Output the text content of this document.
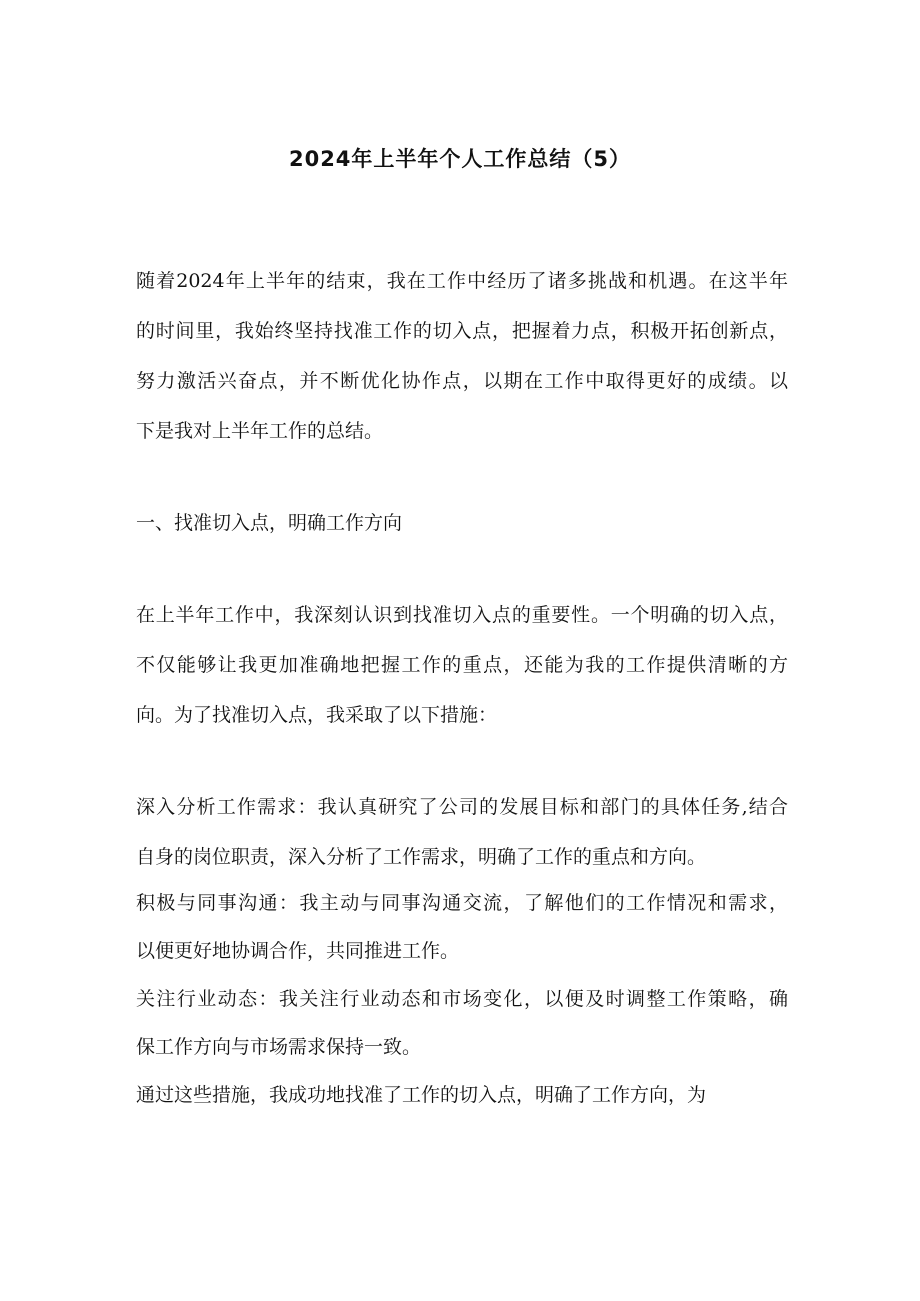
2024年上半年个人工作总结（5）

随着2024年上半年的结束，我在工作中经历了诸多挑战和机遇。在这半年

的时间里，我始终坚持找准工作的切入点，把握着力点，积极开拓创新点，

努力激活兴奋点，并不断优化协作点，以期在工作中取得更好的成绩。以

下是我对上半年工作的总结。

一、找准切入点，明确工作方向

在上半年工作中，我深刻认识到找准切入点的重要性。一个明确的切入点，

不仅能够让我更加准确地把握工作的重点，还能为我的工作提供清晰的方

向。为了找准切入点，我采取了以下措施：

深入分析工作需求：我认真研究了公司的发展目标和部门的具体任务,结合

自身的岗位职责，深入分析了工作需求，明确了工作的重点和方向。

积极与同事沟通：我主动与同事沟通交流，了解他们的工作情况和需求，

以便更好地协调合作，共同推进工作。

关注行业动态：我关注行业动态和市场变化，以便及时调整工作策略，确

保工作方向与市场需求保持一致。

通过这些措施，我成功地找准了工作的切入点，明确了工作方向，为
